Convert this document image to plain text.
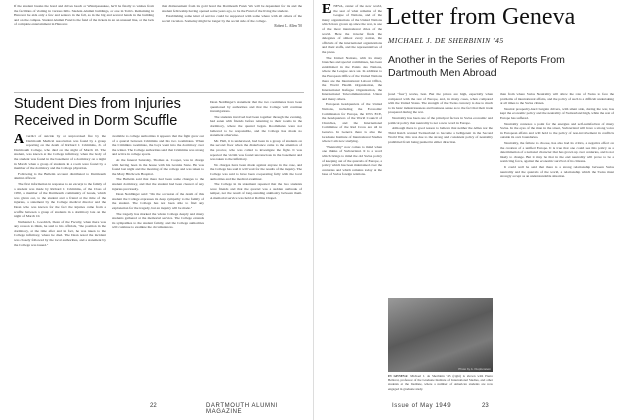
If the student breaks the bond and drives beach or Winnipesaukee, he'll be finally to wishes from the facilities of visiting in various hills. Student-Alumni buildings, or one in Tom's. Remaining in Hanover he aids only a few and seniors in the fall, as in the big and several hands in the building and on the campus. Student Alumni Fund is the fund of the tickets in an an unusual line, or the lack of complete entertainment in Hanover.

that disbursement from its gold bond the Dartmouth Fund. We will be dependent for its and the student fellowship having opened some years ago, to be the Fund of the living the student.

Establishing some kind of service could be supported with some where with all others of the social vacation. Someday might be longer by the social side of the college.

Robert L. Allen '50

Student Dies from Injuries Received in Dorm Scuffle

A verdict of suicide by or unprovoked fire by the Dartmouth Medical association was found by a group reporting on the death of Richard J. Crimmins, Jr. of Dartmouth College, who died on the night of March 10. The student, was known at the College infirmary, when the body of the student was found in the basement of a dormitory on a night in March when a group of students in a room were found by a member of the dormitory and the College physician.

Following is the Bulletin account distributed to Dartmouth alumni officers:

The first information in response to an excerpt to the family of a student was made by Richard J. Crimmins, of the Class of 1950, a member of the Dartmouth community of Greek, which was given out, to the student and a friend at the time of the injuries, a statement by the College medical director and the Dean who was known for the fact the injuries came from a scuffle between a group of students in a dormitory late on the night of March 10.

Nathaniel L. Goodrich, Dean of the Faculty, when there was any reason to think, he said to his officials, "the position in the dormitory, at the time after and in fact, he was taken to the College infirmary, where he died. The Dean noted the incident was closely followed by the local authorities, and a statement by the College was issued."

available to college authorities it appears that the fight grew out of a quarrel between Crimmins and his two roommates. When the Crimmins roommate, the boys went into the dormitory over the winter. The College authorities said that Crimmins was strong and active in college sports.

At the funeral Saturday, Thomas A. Cooper, was in charge with having been in the house with his Granite State. He was found last night and the morning of the college and was taken to the Mary Hitchcock Hospital.

The Bulletin said that there had been some changes to the student dormitory, and that the student had been cleared of any injuries previously.

Dean Neidlinger said: "On the occasion of the death of this student the College expresses its deep sympathy to the family of the student. The College has not been able to find any explanation for the tragedy, but an inquiry will be made."

The tragedy has marked the whole College deeply and many students gathered at the memorial service. The College extends its sympathies to the student family, and the College authorities will continue to examine the circumstances.

Dean Neidlinger's statement that the two roommates have been questioned by authorities and that the College will continue investigations.

The students involved had been together through the evening, had eaten with friends before returning to their rooms in the dormitory, where the quarrel began. Roommates were not believed to be responsible, and the College has made no statement otherwise.

Mr. Hall, it is understood, had been in a group of students on the second floor when the disturbance came to the attention of the proctor, who was called to investigate the fight. It was reported the victim was found unconscious in the basement and was taken to the infirmary.

No charges have been made against anyone in the case, and the College has said it will wait for the results of the inquiry. The College was said to have been cooperating fully with the local authorities and the medical examiner.

The College in its statement repeated that the two students were friends and that the quarrel was a sudden outbreak of temper, not the result of long-standing animosity between them. A memorial service was held at Rollins Chapel.

22	DARTMOUTH ALUMNI MAGAZINE

ENEVA, center of the new world, the seat of what remains of the League of Nations, and of the many organizations of the United Nations which have grown up since the war, is one of the most international cities of the world. Here the traveler finds the delegates of almost every nation, the officials of the international organizations and their staffs, and the representatives of the press.

The United Nations, with its many branches and special committees, has been established in the Palais des Nations, where the League once sat. In addition to the European Office of the United Nations there are the International Labour Office, the World Health Organization, the International Refugee Organization, the International Telecommunication Union and many others.

European headquarters of the United Nations, including the Economic Commission for Europe, the UN's ECE, the headquarters of the World Council of Churches, and the International Committee of the Red Cross are all in Geneva. In Geneva there is also the Graduate Institute of International Studies where I am now studying.

"Neutrality" now comes to mind when one thinks of Switzerland. It is a word which brings to mind the old Swiss policy of keeping out of the quarrels of Europe, a policy which has been maintained over the centuries and which remains today at the base of Swiss foreign relations.

Letter from Geneva
MICHAEL J. DE SHERBININ '45
Another in the Series of Reports From Dartmouth Men Abroad

(read "free") works, best. But the prices are high, especially when compared with the rest of Europe, and, in many cases, when compared with the United States. The strength of the Swiss currency is due to much to its basic industriousness and business sense as to the fact that their trade prospered during the war.

Neutrality has been one of the principal factors in Swiss economic and political policy that neutrality is not a new word in Europe.

Although there is good reason to believe that neither the Allies nor the Third Reich wanted Switzerland to become a belligerent in the Second World War, this was due to the strong and consistent policy of neutrality prohibited from being pushed in either direction.

Photo by A. Klopfenstein
IN GENEVA: Michael J. de Sherbinin '45 (right) is shown with Pierre Bellorat, professor of the Graduate Institute of International Studies, and other students at the Institute, where a number of American students are now engaged in graduate study.

than from where Swiss Neutrality will allow the role of Swiss to face the problems of international affairs, and the policy of such is a difficult undertaking at all times to the Swiss citizen.

Neutral prosperity-hard bargain drivers, with silent side, during the war, has kept the economic policy and the neutrality of Switzerland high, while the rest of Europe has suffered.

Neutrality connotes a point for the energies and self-satisfaction of many Swiss. In the eyes of the man in the street, Switzerland will have a strong voice in European affairs and will hold to the policy of non-involvement in conflicts outside its own boundaries.

Neutrality, the failure to choose, has also had its critics, a negative effect on the creation of a unified Europe. It is true that one could see this policy as a determination of a national character that has grown up over centuries, and is not likely to change. But it may be that in the end neutrality will prove to be a restricting force, against the economic survival of its citizens.

It could well be said that there is a strong relationship between Swiss neutrality and the quarrels of the world, a relationship which the Swiss must strongly accept as an understandable situation.

Issue of May 1949	23
